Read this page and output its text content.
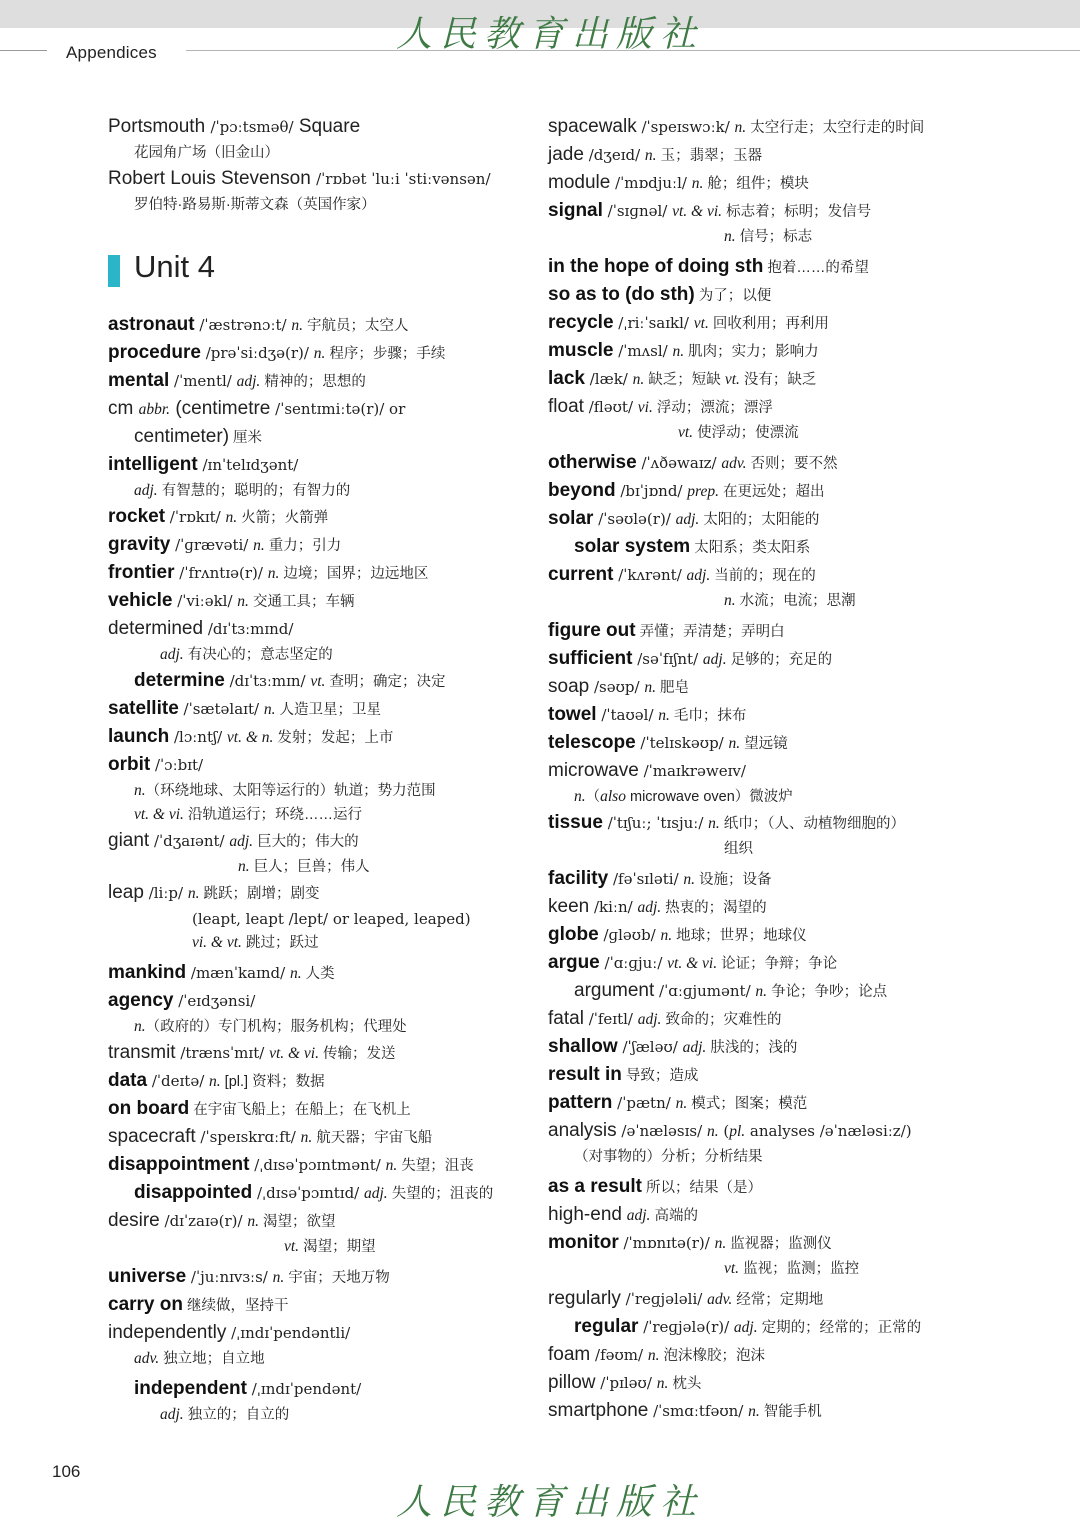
Appendices	人民教育出版社
Portsmouth /ˈpɔːtsməθ/ Square
花园角广场（旧金山）
Robert Louis Stevenson /ˈrɒbət ˈluːi ˈstiːvənsən/
罗伯特·路易斯·斯蒂文森（英国作家）
Unit 4
astronaut /ˈæstrənɔːt/ n. 宇航员；太空人
procedure /prəˈsiːdʒə(r)/ n. 程序；步骤；手续
mental /ˈmentl/ adj. 精神的；思想的
cm abbr. (centimetre /ˈsentɪmiːtə(r)/ or
centimeter) 厘米
intelligent /ɪnˈtelɪdʒənt/
adj. 有智慧的；聪明的；有智力的
rocket /ˈrɒkɪt/ n. 火箭；火箭弹
gravity /ˈɡrævəti/ n. 重力；引力
frontier /ˈfrʌntɪə(r)/ n. 边境；国界；边远地区
vehicle /ˈviːəkl/ n. 交通工具；车辆
determined /dɪˈtɜːmɪnd/
adj. 有决心的；意志坚定的
determine /dɪˈtɜːmɪn/ vt. 查明；确定；决定
satellite /ˈsætəlaɪt/ n. 人造卫星；卫星
launch /lɔːntʃ/ vt. & n. 发射；发起；上市
orbit /ˈɔːbɪt/
n.（环绕地球、太阳等运行的）轨道；势力范围
vt. & vi. 沿轨道运行；环绕……运行
giant /ˈdʒaɪənt/ adj. 巨大的；伟大的
n. 巨人；巨兽；伟人
leap /liːp/ n. 跳跃；剧增；剧变
(leapt, leapt /lept/ or leaped, leaped)
vi. & vt. 跳过；跃过
mankind /mænˈkaɪnd/ n. 人类
agency /ˈeɪdʒənsi/
n.（政府的）专门机构；服务机构；代理处
transmit /trænsˈmɪt/ vt. & vi. 传输；发送
data /ˈdeɪtə/ n. [pl.] 资料；数据
on board 在宇宙飞船上；在船上；在飞机上
spacecraft /ˈspeɪskrɑːft/ n. 航天器；宇宙飞船
disappointment /ˌdɪsəˈpɔɪntmənt/ n. 失望；沮丧
disappointed /ˌdɪsəˈpɔɪntɪd/ adj. 失望的；沮丧的
desire /dɪˈzaɪə(r)/ n. 渴望；欲望
vt. 渴望；期望
universe /ˈjuːnɪvɜːs/ n. 宇宙；天地万物
carry on 继续做，坚持干
independently /ˌɪndɪˈpendəntli/
adv. 独立地；自立地
independent /ˌɪndɪˈpendənt/
adj. 独立的；自立的
spacewalk /ˈspeɪswɔːk/ n. 太空行走；太空行走的时间
jade /dʒeɪd/ n. 玉；翡翠；玉器
module /ˈmɒdjuːl/ n. 舱；组件；模块
signal /ˈsɪɡnəl/ vt. & vi. 标志着；标明；发信号
n. 信号；标志
in the hope of doing sth 抱着……的希望
so as to (do sth) 为了；以便
recycle /ˌriːˈsaɪkl/ vt. 回收利用；再利用
muscle /ˈmʌsl/ n. 肌肉；实力；影响力
lack /læk/ n. 缺乏；短缺 vt. 没有；缺乏
float /fləʊt/ vi. 浮动；漂流；漂浮
vt. 使浮动；使漂流
otherwise /ˈʌðəwaɪz/ adv. 否则；要不然
beyond /bɪˈjɒnd/ prep. 在更远处；超出
solar /ˈsəʊlə(r)/ adj. 太阳的；太阳能的
solar system 太阳系；类太阳系
current /ˈkʌrənt/ adj. 当前的；现在的
n. 水流；电流；思潮
figure out 弄懂；弄清楚；弄明白
sufficient /səˈfɪʃnt/ adj. 足够的；充足的
soap /səʊp/ n. 肥皂
towel /ˈtaʊəl/ n. 毛巾；抹布
telescope /ˈtelɪskəʊp/ n. 望远镜
microwave /ˈmaɪkrəweɪv/
n.（also microwave oven）微波炉
tissue /ˈtɪʃuː; ˈtɪsjuː/ n. 纸巾；（人、动植物细胞的）
组织
facility /fəˈsɪləti/ n. 设施；设备
keen /kiːn/ adj. 热衷的；渴望的
globe /ɡləʊb/ n. 地球；世界；地球仪
argue /ˈɑːɡjuː/ vt. & vi. 论证；争辩；争论
argument /ˈɑːɡjumənt/ n. 争论；争吵；论点
fatal /ˈfeɪtl/ adj. 致命的；灾难性的
shallow /ˈʃæləʊ/ adj. 肤浅的；浅的
result in 导致；造成
pattern /ˈpætn/ n. 模式；图案；模范
analysis /əˈnæləsɪs/ n. (pl. analyses /əˈnæləsiːz/)
（对事物的）分析；分析结果
as a result 所以；结果（是）
high-end adj. 高端的
monitor /ˈmɒnɪtə(r)/ n. 监视器；监测仪
vt. 监视；监测；监控
regularly /ˈreɡjələli/ adv. 经常；定期地
regular /ˈreɡjələ(r)/ adj. 定期的；经常的；正常的
foam /fəʊm/ n. 泡沫橡胶；泡沫
pillow /ˈpɪləʊ/ n. 枕头
smartphone /ˈsmɑːtfəʊn/ n. 智能手机
106
人民教育出版社
